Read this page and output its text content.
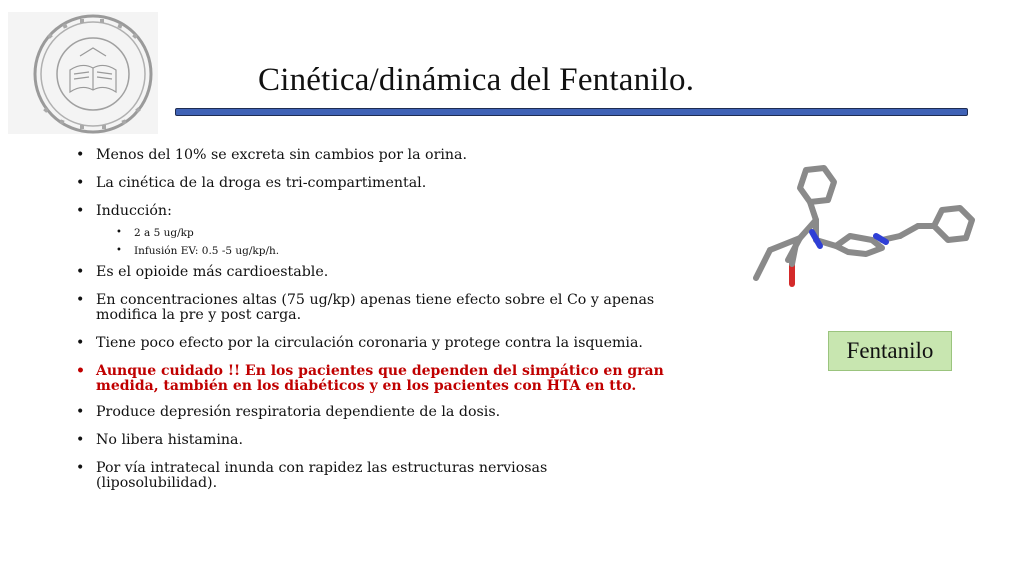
Cinética/dinámica del Fentanilo.
• Menos del 10% se excreta sin cambios por la orina.
• La cinética de la droga es tri-compartimental.
• Inducción:
• 2 a 5 ug/kp
• Infusión EV: 0.5 -5 ug/kp/h.
• Es el opioide más cardioestable.
• En concentraciones altas (75 ug/kp) apenas tiene efecto sobre el Co y apenas modifica la pre y post carga.
• Tiene poco efecto por la circulación coronaria y protege contra la isquemia.
• Aunque cuidado !! En los pacientes que dependen del simpático en gran medida, también en los diabéticos y en los pacientes con HTA en tto.
• Produce depresión respiratoria dependiente de la dosis.
• No libera histamina.
• Por vía intratecal inunda con rapidez las estructuras nerviosas (liposolubilidad).
Fentanilo
